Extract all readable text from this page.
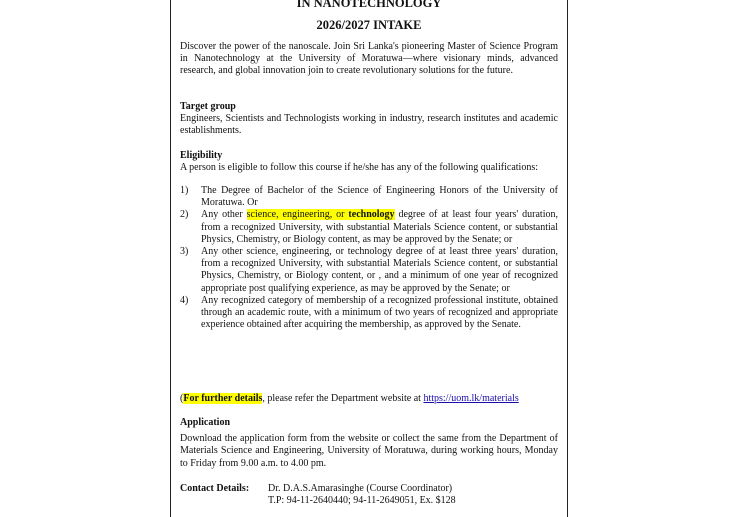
IN NANOTECHNOLOGY
2026/2027 INTAKE

Discover the power of the nanoscale. Join Sri Lanka's pioneering Master of Science Program in Nanotechnology at the University of Moratuwa—where visionary minds, advanced research, and global innovation join to create revolutionary solutions for the future.

Target group

Engineers, Scientists and Technologists working in industry, research institutes and academic establishments.

Eligibility

A person is eligible to follow this course if he/she has any of the following qualifications:

1)	The Degree of Bachelor of the Science of Engineering Honors of the University of Moratuwa. Or
2)	Any other science, engineering, or technology degree of at least four years' duration, from a recognized University, with substantial Materials Science content, or substantial Physics, Chemistry, or Biology content, as may be approved by the Senate; or
3)	Any other science, engineering, or technology degree of at least three years' duration, from a recognized University, with substantial Materials Science content, or substantial Physics, Chemistry, or Biology content, or , and a minimum of one year of recognized appropriate post qualifying experience, as may be approved by the Senate; or
4)	Any recognized category of membership of a recognized professional institute, obtained through an academic route, with a minimum of two years of recognized and appropriate experience obtained after acquiring the membership, as approved by the Senate.

(For further details, please refer the Department website at https://uom.lk/materials

Application

Download the application form from the website or collect the same from the Department of Materials Science and Engineering, University of Moratuwa, during working hours, Monday to Friday from 9.00 a.m. to 4.00 pm.

Contact Details:	Dr. D.A.S.Amarasinghe (Course Coordinator)
T.P: 94-11-2640440; 94-11-2649051, Ex. $128
